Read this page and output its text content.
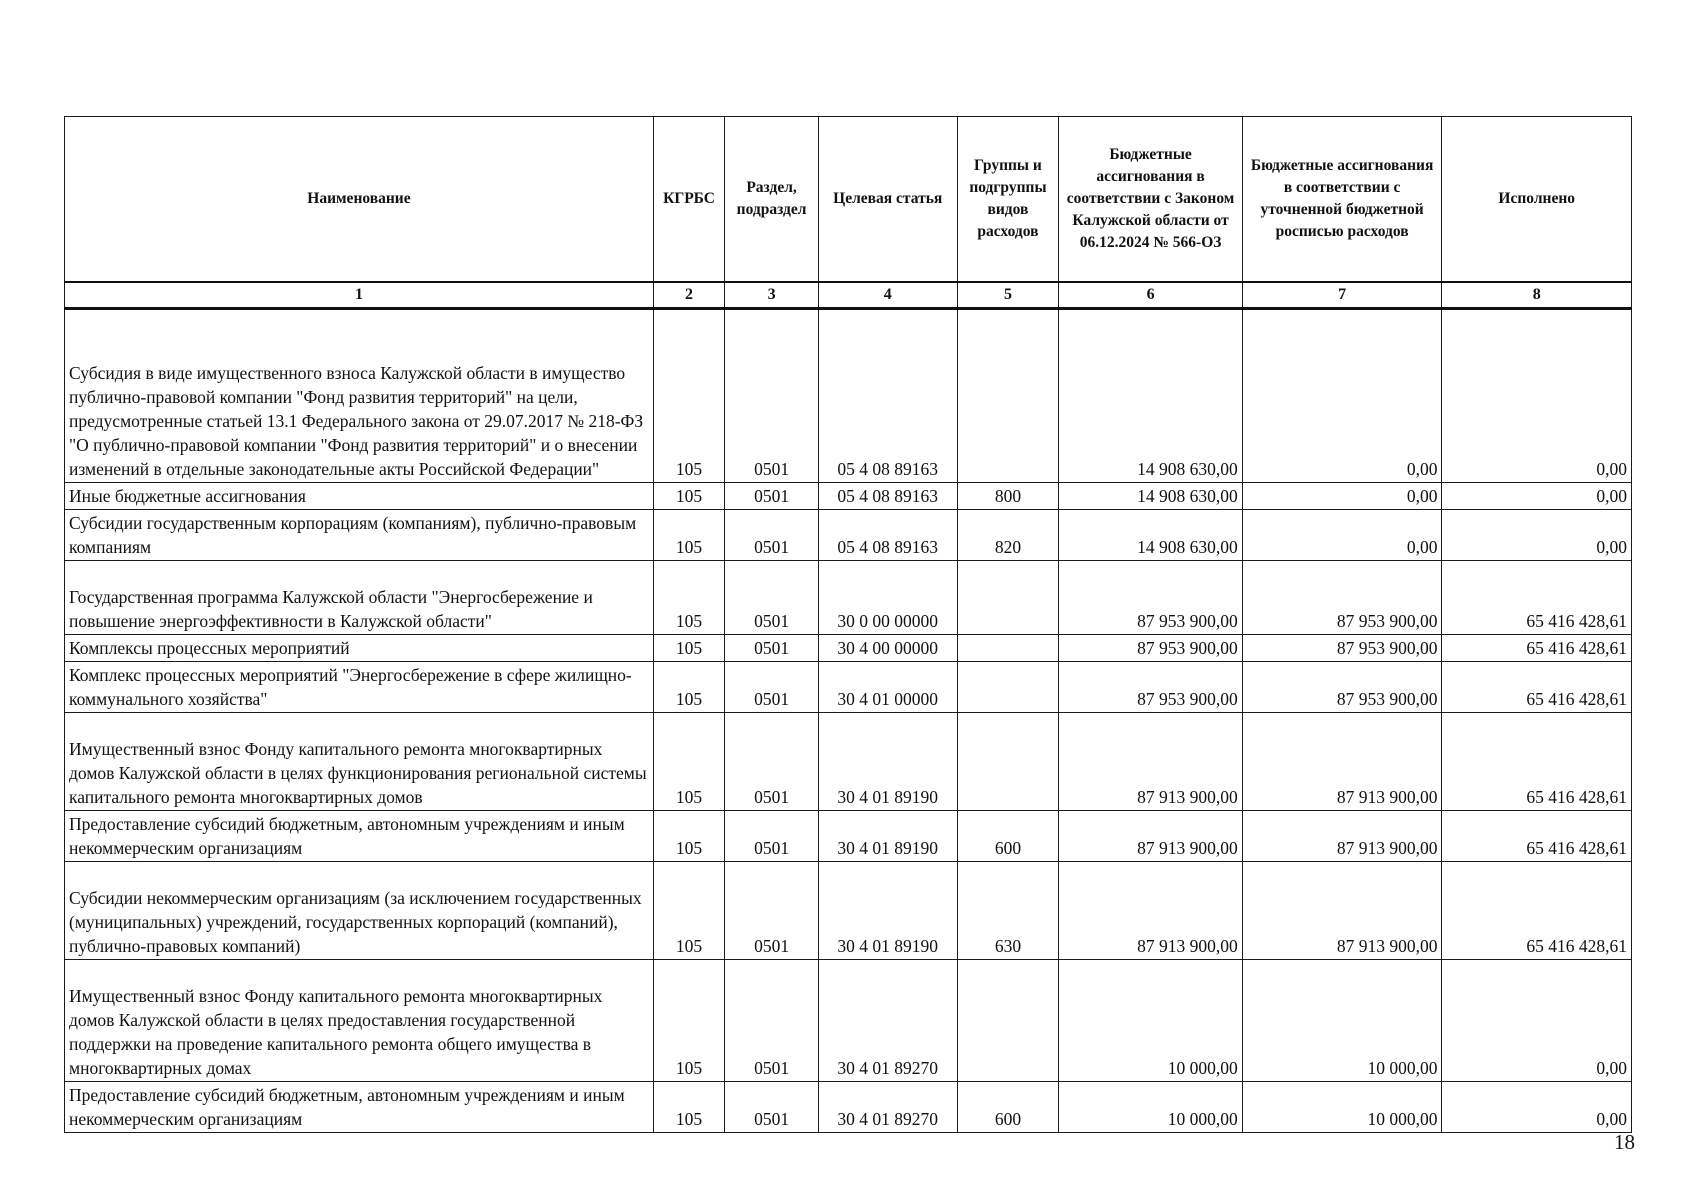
Наименование	КГРБС	Раздел, подраздел	Целевая статья	Группы и подгруппы видов расходов	Бюджетные ассигнования в соответствии с Законом Калужской области от 06.12.2024 № 566-ОЗ	Бюджетные ассигнования в соответствии с уточненной бюджетной росписью расходов	Исполнено
1	2	3	4	5	6	7	8
Субсидия в виде имущественного взноса Калужской области в имущество публично-правовой компании "Фонд развития территорий" на цели, предусмотренные статьей 13.1 Федерального закона от 29.07.2017 № 218-ФЗ "О публично-правовой компании "Фонд развития территорий" и о внесении изменений в отдельные законодательные акты Российской Федерации"	105	0501	05 4 08 89163		14 908 630,00	0,00	0,00
Иные бюджетные ассигнования	105	0501	05 4 08 89163	800	14 908 630,00	0,00	0,00
Субсидии государственным корпорациям (компаниям), публично-правовым компаниям	105	0501	05 4 08 89163	820	14 908 630,00	0,00	0,00
Государственная программа Калужской области "Энергосбережение и повышение энергоэффективности в Калужской области"	105	0501	30 0 00 00000		87 953 900,00	87 953 900,00	65 416 428,61
Комплексы процессных мероприятий	105	0501	30 4 00 00000		87 953 900,00	87 953 900,00	65 416 428,61
Комплекс процессных мероприятий "Энергосбережение в сфере жилищно-коммунального хозяйства"	105	0501	30 4 01 00000		87 953 900,00	87 953 900,00	65 416 428,61
Имущественный взнос Фонду капитального ремонта многоквартирных домов Калужской области в целях функционирования региональной системы капитального ремонта многоквартирных домов	105	0501	30 4 01 89190		87 913 900,00	87 913 900,00	65 416 428,61
Предоставление субсидий бюджетным, автономным учреждениям и иным некоммерческим организациям	105	0501	30 4 01 89190	600	87 913 900,00	87 913 900,00	65 416 428,61
Субсидии некоммерческим организациям (за исключением государственных (муниципальных) учреждений, государственных корпораций (компаний), публично-правовых компаний)	105	0501	30 4 01 89190	630	87 913 900,00	87 913 900,00	65 416 428,61
Имущественный взнос Фонду капитального ремонта многоквартирных домов Калужской области в целях предоставления государственной поддержки на проведение капитального ремонта общего имущества в многоквартирных домах	105	0501	30 4 01 89270		10 000,00	10 000,00	0,00
Предоставление субсидий бюджетным, автономным учреждениям и иным некоммерческим организациям	105	0501	30 4 01 89270	600	10 000,00	10 000,00	0,00
18
